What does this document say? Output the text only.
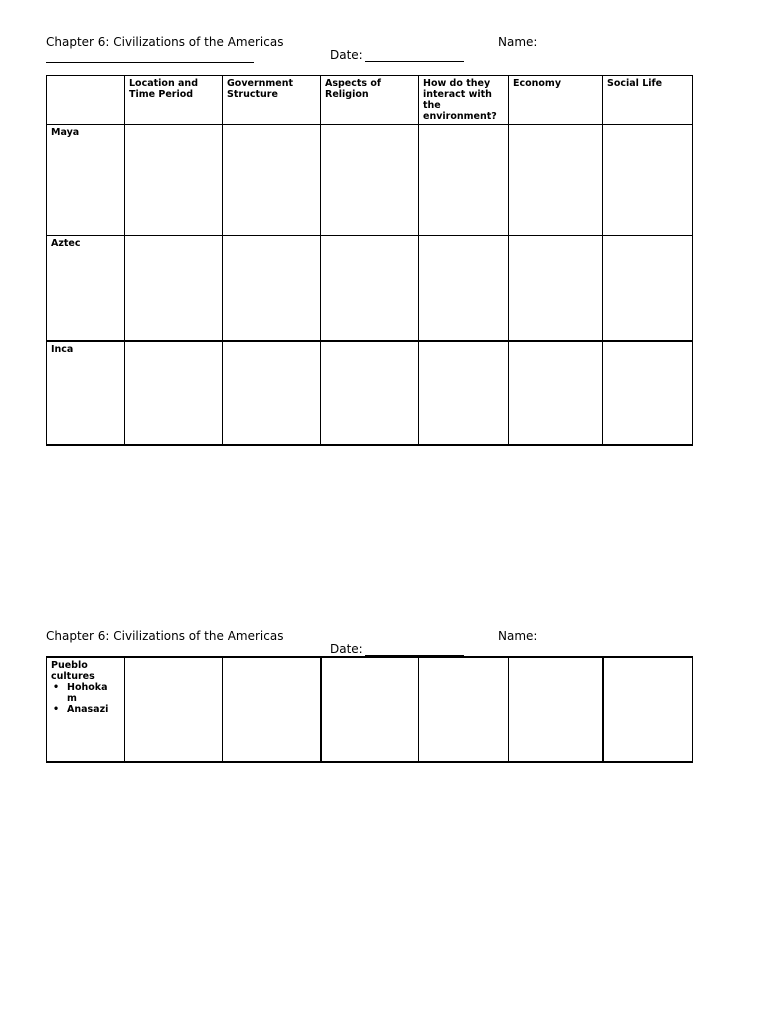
Chapter 6: Civilizations of the Americas	Name:
Date:
	Location and Time Period	Government Structure	Aspects of Religion	How do they interact with the environment?	Economy	Social Life
Maya						
Aztec						
Inca						
Chapter 6: Civilizations of the Americas	Name:
Date:
Pueblo cultures
• Hohokam
• Anasazi
